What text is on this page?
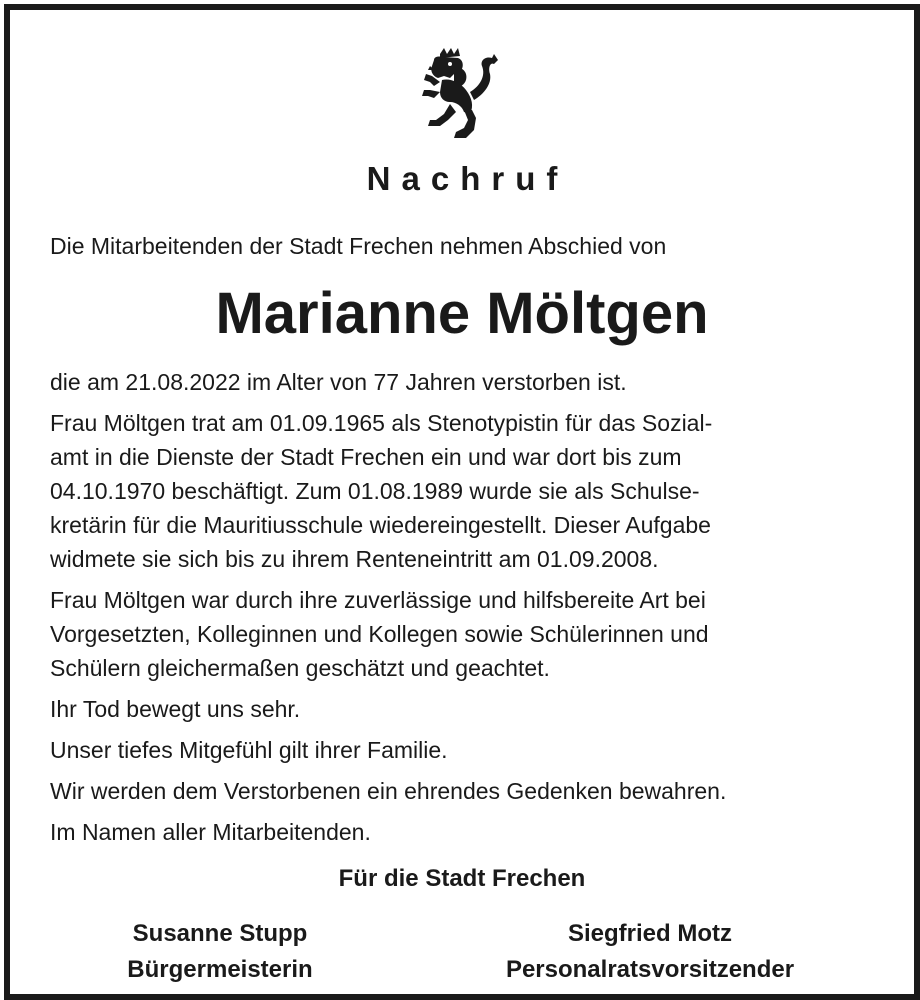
Nachruf
Die Mitarbeitenden der Stadt Frechen nehmen Abschied von
Marianne Möltgen

die am 21.08.2022 im Alter von 77 Jahren verstorben ist.

Frau Möltgen trat am 01.09.1965 als Stenotypistin für das Sozial-
amt in die Dienste der Stadt Frechen ein und war dort bis zum
04.10.1970 beschäftigt. Zum 01.08.1989 wurde sie als Schulse-
kretärin für die Mauritiusschule wiedereingestellt. Dieser Aufgabe
widmete sie sich bis zu ihrem Renteneintritt am 01.09.2008.

Frau Möltgen war durch ihre zuverlässige und hilfsbereite Art bei
Vorgesetzten, Kolleginnen und Kollegen sowie Schülerinnen und
Schülern gleichermaßen geschätzt und geachtet.

Ihr Tod bewegt uns sehr.

Unser tiefes Mitgefühl gilt ihrer Familie.

Wir werden dem Verstorbenen ein ehrendes Gedenken bewahren.

Im Namen aller Mitarbeitenden.

Für die Stadt Frechen
Susanne Stupp
Bürgermeisterin
Siegfried Motz
Personalratsvorsitzender
